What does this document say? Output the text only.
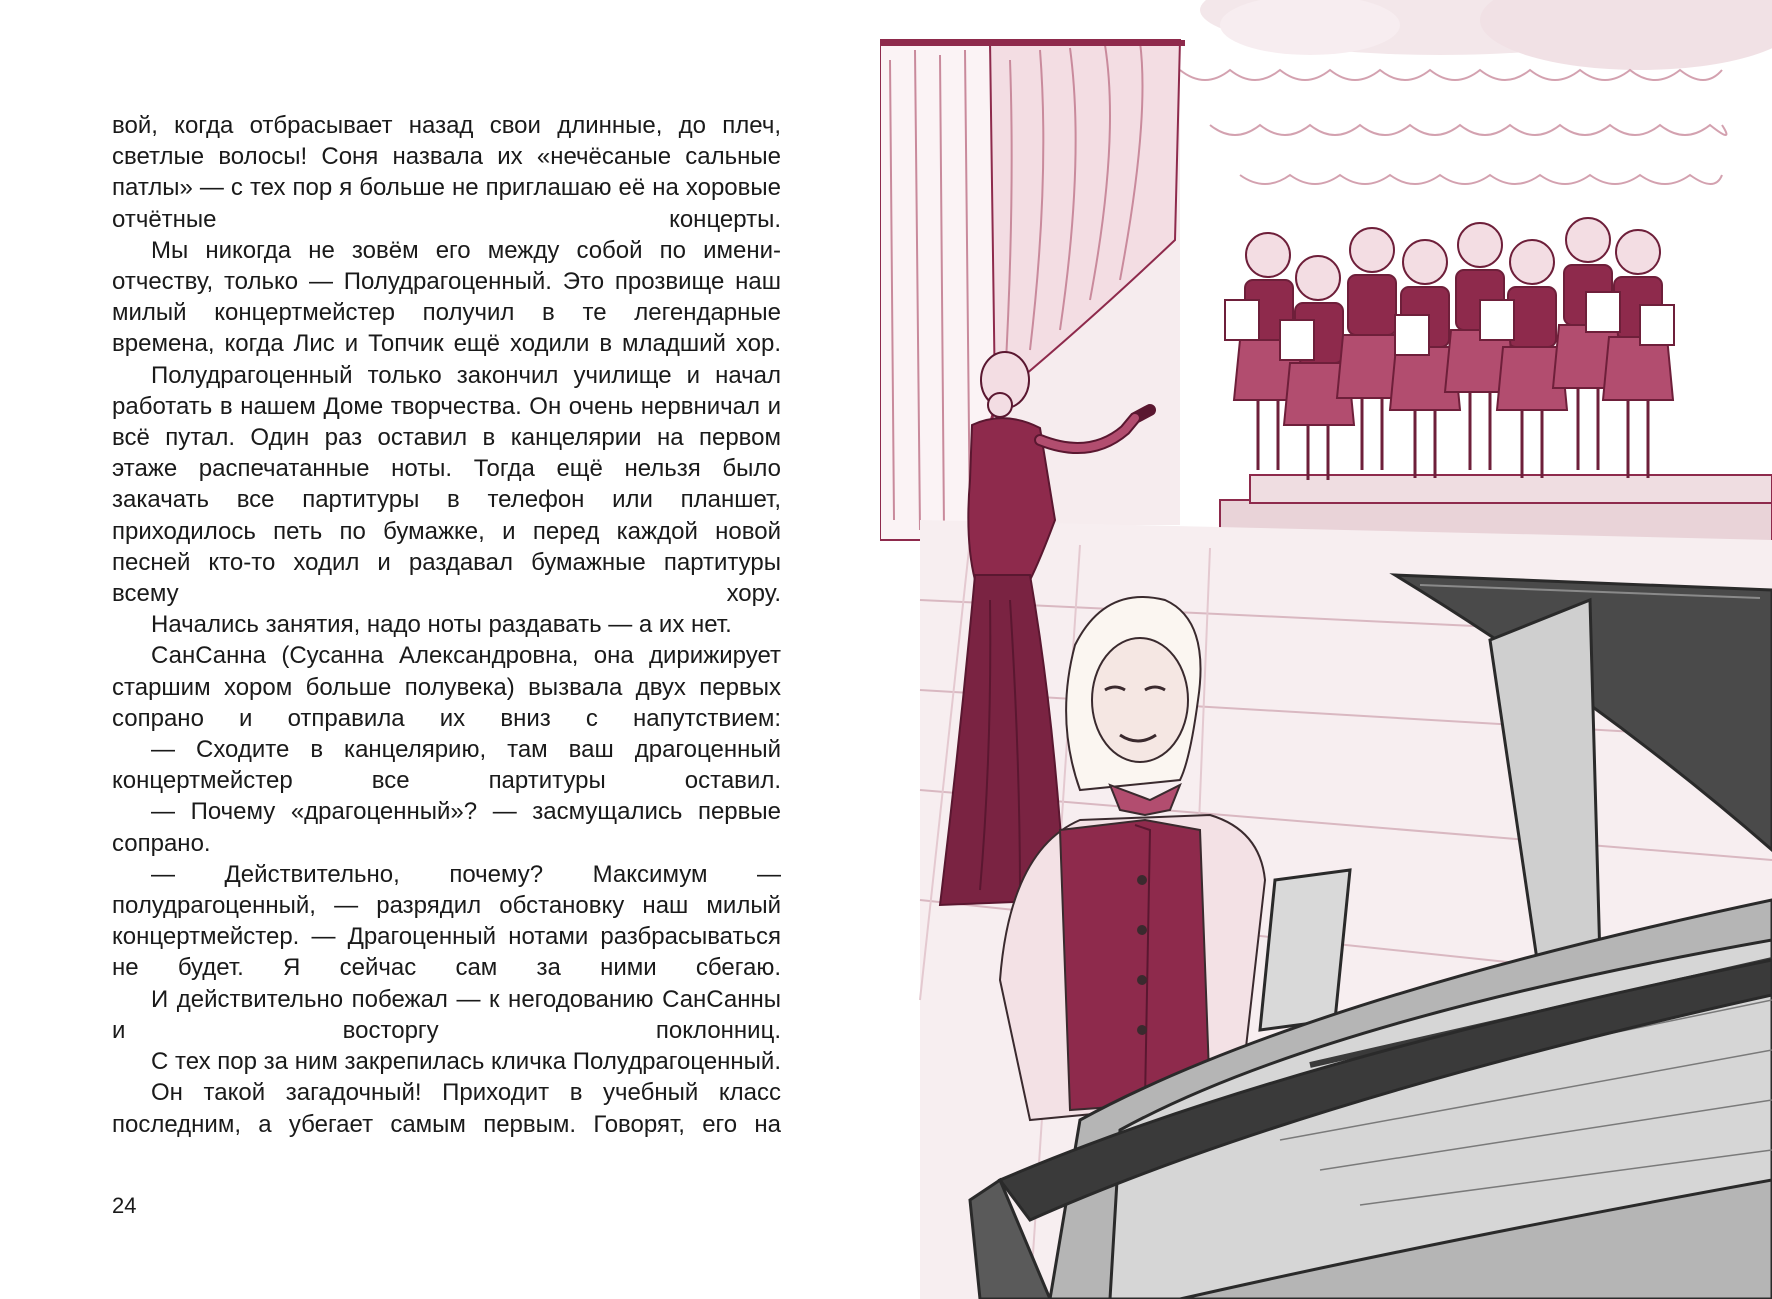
вой, когда отбрасывает назад свои длинные, до плеч, светлые волосы! Соня назвала их «нечёсаные сальные патлы» — с тех пор я больше не приглашаю её на хоровые отчётные концерты.

Мы никогда не зовём его между собой по имени-отчеству, только — Полудрагоценный. Это прозвище наш милый концертмейстер получил в те легендарные времена, когда Лис и Топчик ещё ходили в младший хор.

Полудрагоценный только закончил училище и начал работать в нашем Доме творчества. Он очень нервничал и всё путал. Один раз оставил в канцелярии на первом этаже распечатанные ноты. Тогда ещё нельзя было закачать все партитуры в телефон или планшет, приходилось петь по бумажке, и перед каждой новой песней кто-то ходил и раздавал бумажные партитуры всему хору.

Начались занятия, надо ноты раздавать — а их нет.

СанСанна (Сусанна Александровна, она дирижирует старшим хором больше полувека) вызвала двух первых сопрано и отправила их вниз с напутствием:

— Сходите в канцелярию, там ваш драгоценный концертмейстер все партитуры оставил.

— Почему «драгоценный»? — засмущались первые сопрано.

— Действительно, почему? Максимум — полудрагоценный, — разрядил обстановку наш милый концертмейстер. — Драгоценный нотами разбрасываться не будет. Я сейчас сам за ними сбегаю.

И действительно побежал — к негодованию СанСанны и восторгу поклонниц.

С тех пор за ним закрепилась кличка Полудрагоценный.

Он такой загадочный! Приходит в учебный класс последним, а убегает самым первым. Говорят, его на

24
